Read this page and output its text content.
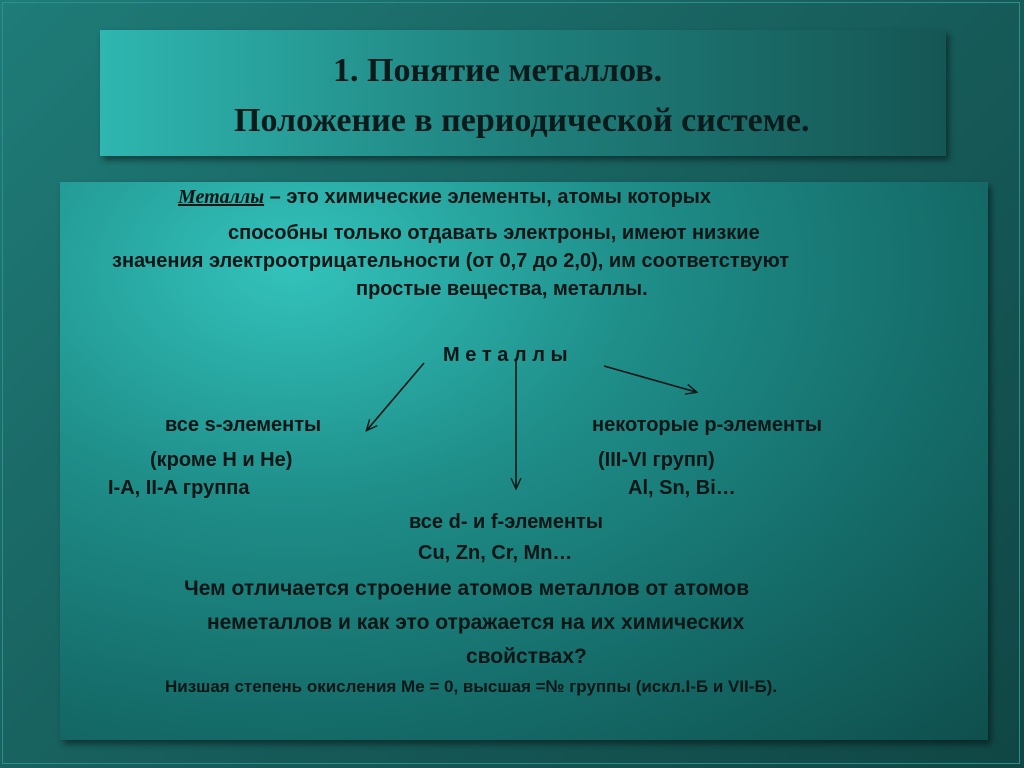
1. Понятие металлов.
Положение в периодической системе.
Металлы – это химические элементы, атомы которых
способны только отдавать электроны, имеют низкие
значения электроотрицательности (от 0,7 до 2,0), им соответствуют
простые вещества, металлы.
М е т а л л ы
все s-элементы
(кроме Н и Не)
I-A, II-A группа
некоторые р-элементы
(III-VI групп)
Al, Sn, Bi…
все d- и f-элементы
Cu, Zn, Cr, Mn…
Чем отличается строение атомов металлов от атомов
неметаллов и как это отражается на их химических
свойствах?
Низшая степень окисления Ме = 0, высшая =№ группы (искл.I-Б и VII-Б).
